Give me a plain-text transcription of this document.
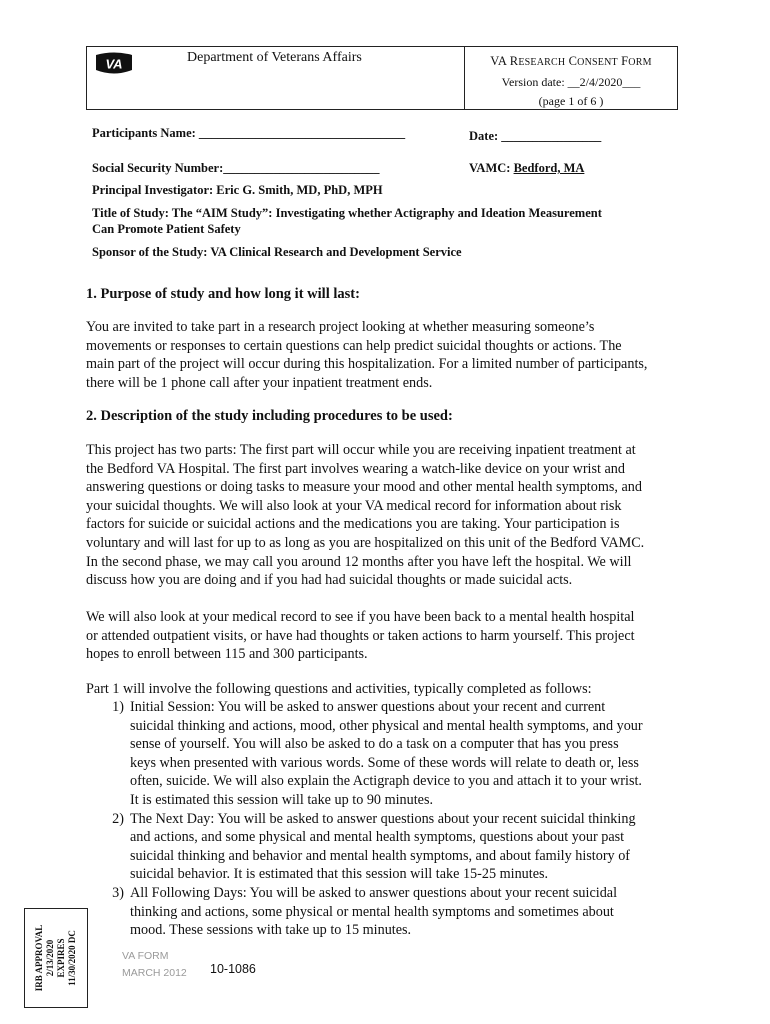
VA	Department of Veterans Affairs	VA RESEARCH CONSENT FORM
Version date: __2/4/2020___
(page 1 of 6 )
Participants Name: _________________________________	Date: ________________
Social Security Number:_________________________	VAMC: Bedford, MA
Principal Investigator: Eric G. Smith, MD, PhD, MPH
Title of Study: The “AIM Study”: Investigating whether Actigraphy and Ideation Measurement
Can Promote Patient Safety
Sponsor of the Study: VA Clinical Research and Development Service
1. Purpose of study and how long it will last:
You are invited to take part in a research project looking at whether measuring someone’s
movements or responses to certain questions can help predict suicidal thoughts or actions. The
main part of the project will occur during this hospitalization. For a limited number of participants,
there will be 1 phone call after your inpatient treatment ends.
2. Description of the study including procedures to be used:
This project has two parts: The first part will occur while you are receiving inpatient treatment at
the Bedford VA Hospital. The first part involves wearing a watch-like device on your wrist and
answering questions or doing tasks to measure your mood and other mental health symptoms, and
your suicidal thoughts. We will also look at your VA medical record for information about risk
factors for suicide or suicidal actions and the medications you are taking. Your participation is
voluntary and will last for up to as long as you are hospitalized on this unit of the Bedford VAMC.
In the second phase, we may call you around 12 months after you have left the hospital. We will
discuss how you are doing and if you had had suicidal thoughts or made suicidal acts.
We will also look at your medical record to see if you have been back to a mental health hospital
or attended outpatient visits, or have had thoughts or taken actions to harm yourself. This project
hopes to enroll between 115 and 300 participants.
Part 1 will involve the following questions and activities, typically completed as follows:
1) Initial Session: You will be asked to answer questions about your recent and current
suicidal thinking and actions, mood, other physical and mental health symptoms, and your
sense of yourself. You will also be asked to do a task on a computer that has you press
keys when presented with various words. Some of these words will relate to death or, less
often, suicide. We will also explain the Actigraph device to you and attach it to your wrist.
It is estimated this session will take up to 90 minutes.
2) The Next Day: You will be asked to answer questions about your recent suicidal thinking
and actions, and some physical and mental health symptoms, questions about your past
suicidal thinking and behavior and mental health symptoms, and about family history of
suicidal behavior. It is estimated that this session will take 15-25 minutes.
3) All Following Days: You will be asked to answer questions about your recent suicidal
thinking and actions, some physical or mental health symptoms and sometimes about
mood. These sessions with take up to 15 minutes.
IRB APPROVAL 2/13/2020 EXPIRES 11/30/2020 DC	VA FORM
MARCH 2012 10-1086
